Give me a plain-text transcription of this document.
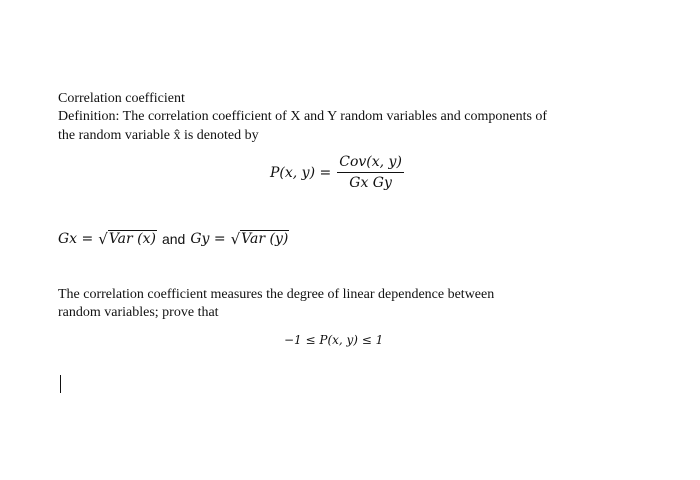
Correlation coefficient
Definition: The correlation coefficient of X and Y random variables and components of
the random variable x̂ is denoted by
P(x, $y) = \frac{\text{Cov(x, y)}}{\text{Gx Gy}}$
Gx = √ Var (x) and Gy = √ Var (y)
The correlation coefficient measures the degree of linear dependence between
random variables; prove that
−1 ≤ P(x, y) ≤ 1
